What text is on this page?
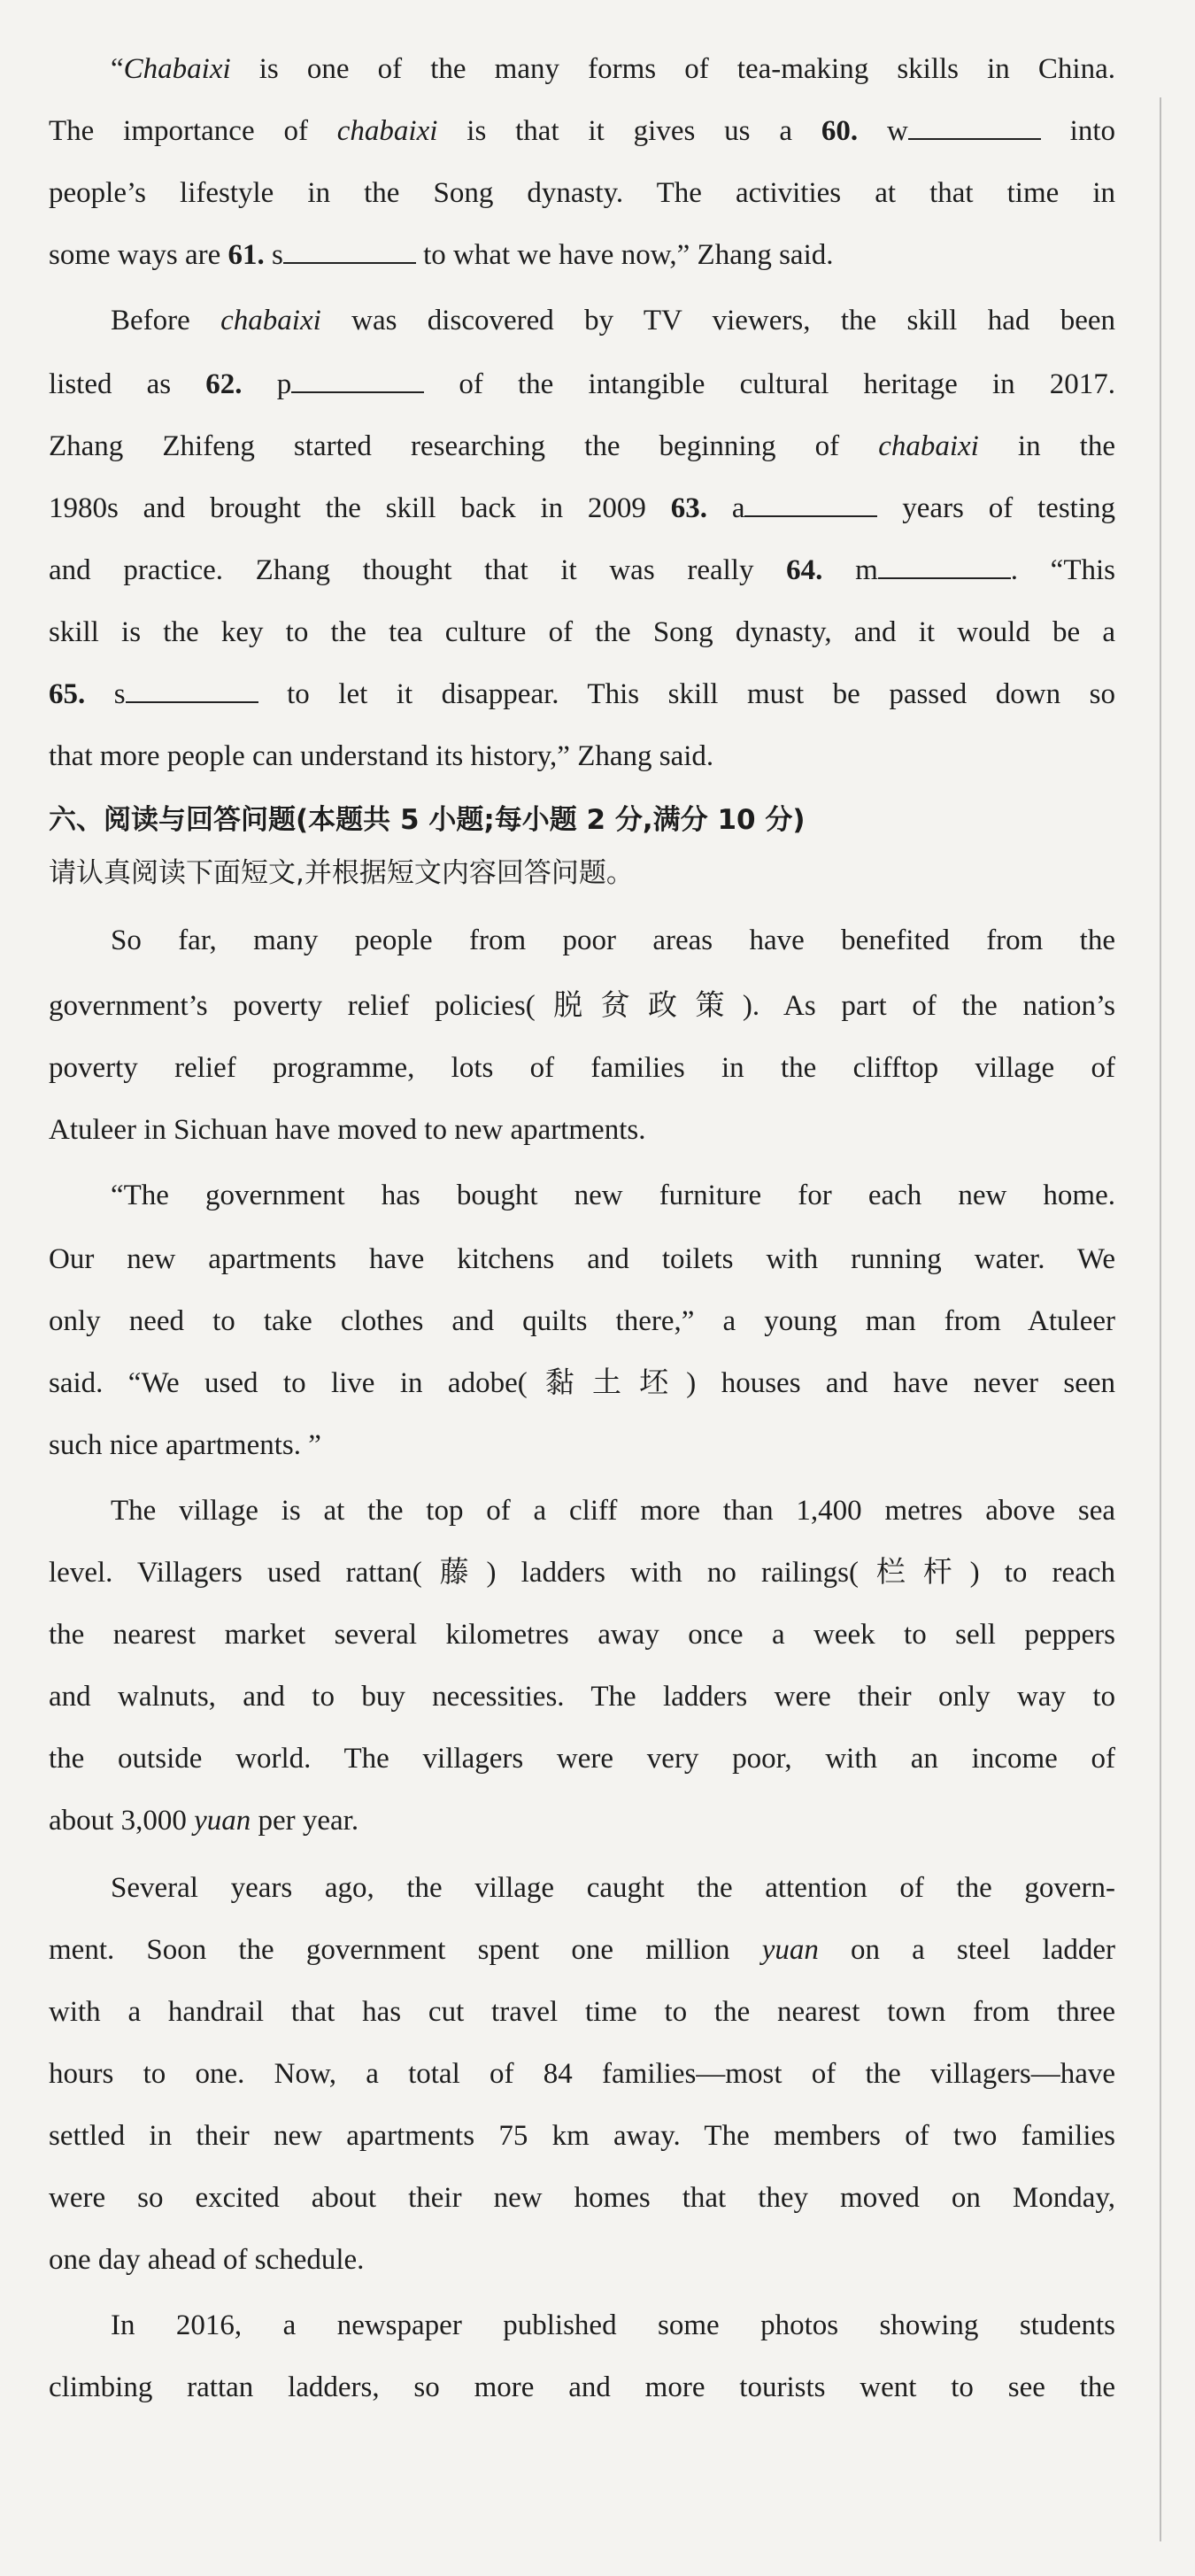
“Chabaixi is one of the many forms of tea-making skills in China.
The importance of chabaixi is that it gives us a 60. w	into
people’s lifestyle in the Song dynasty. The activities at that time in
some ways are 61. s	to what we have now,” Zhang said.
Before chabaixi was discovered by TV viewers, the skill had been
listed as 62. p	of the intangible cultural heritage in 2017.
Zhang Zhifeng started researching the beginning of chabaixi in the
1980s and brought the skill back in 2009 63. a	years of testing
and practice. Zhang thought that it was really 64. m	. “This
skill is the key to the tea culture of the Song dynasty, and it would be a
65. s	to let it disappear. This skill must be passed down so
that more people can understand its history,” Zhang said.
六、阅读与回答问题(本题共 5 小题;每小题 2 分,满分 10 分)
请认真阅读下面短文,并根据短文内容回答问题。
So far, many people from poor areas have benefited from the
government’s poverty relief policies(脱贫政策). As part of the nation’s
poverty relief programme, lots of families in the clifftop village of
Atuleer in Sichuan have moved to new apartments.
“The government has bought new furniture for each new home.
Our new apartments have kitchens and toilets with running water. We
only need to take clothes and quilts there,” a young man from Atuleer
said. “We used to live in adobe(黏土坯) houses and have never seen
such nice apartments. ”
The village is at the top of a cliff more than 1,400 metres above sea
level. Villagers used rattan(藤) ladders with no railings(栏杆) to reach
the nearest market several kilometres away once a week to sell peppers
and walnuts, and to buy necessities. The ladders were their only way to
the outside world. The villagers were very poor, with an income of
about 3,000 yuan per year.
Several years ago, the village caught the attention of the govern-
ment. Soon the government spent one million yuan on a steel ladder
with a handrail that has cut travel time to the nearest town from three
hours to one. Now, a total of 84 families—most of the villagers—have
settled in their new apartments 75 km away. The members of two families
were so excited about their new homes that they moved on Monday,
one day ahead of schedule.
In 2016, a newspaper published some photos showing students
climbing rattan ladders, so more and more tourists went to see the
